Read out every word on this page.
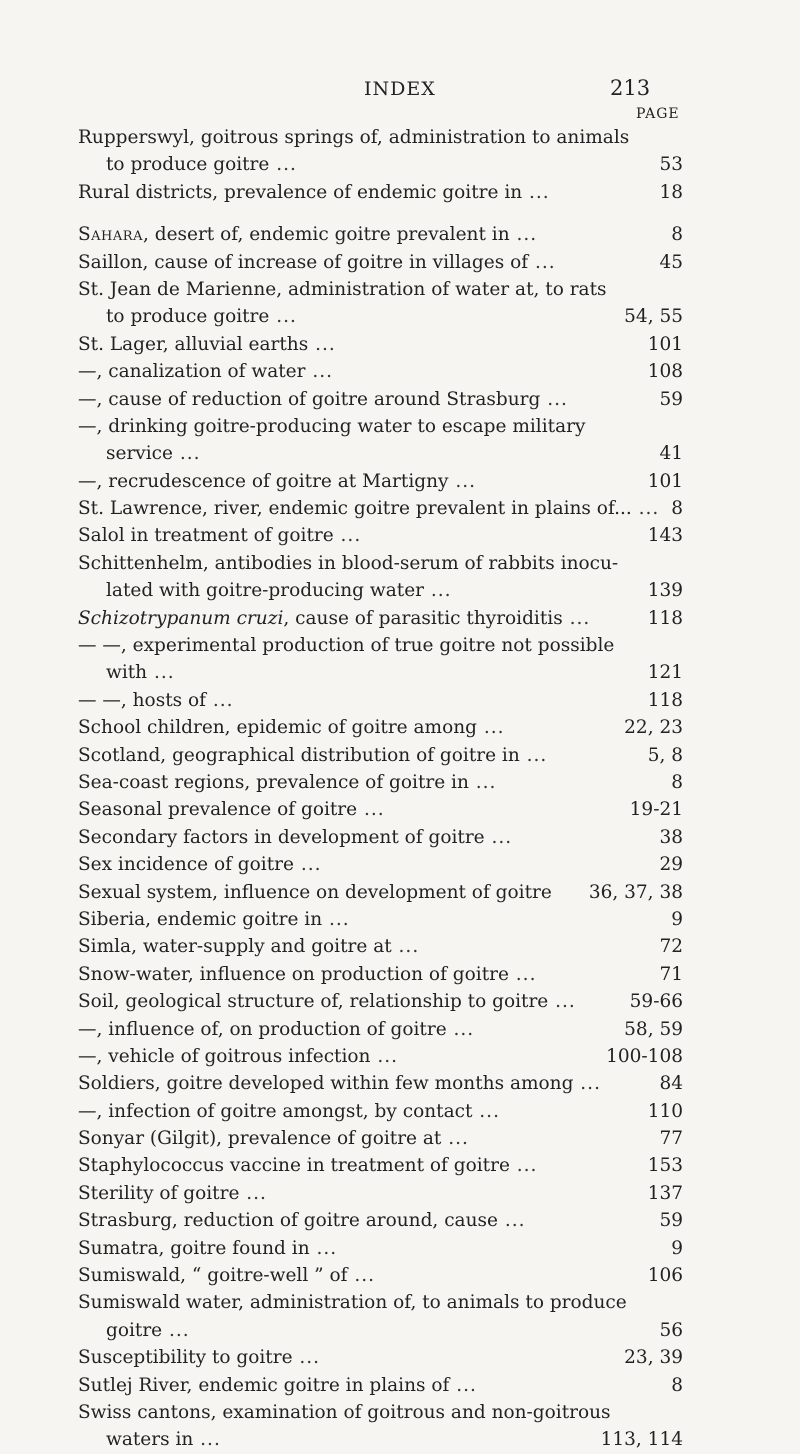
INDEX	213
PAGE
Rupperswyl, goitrous springs of, administration to animals
to produce goitre ...	53
Rural districts, prevalence of endemic goitre in ...	18
Sahara, desert of, endemic goitre prevalent in ...	8
Saillon, cause of increase of goitre in villages of ...	45
St. Jean de Marienne, administration of water at, to rats
to produce goitre ...	54, 55
St. Lager, alluvial earths ...	101
—, canalization of water ...	108
—, cause of reduction of goitre around Strasburg ...	59
—, drinking goitre-producing water to escape military
service ...	41
—, recrudescence of goitre at Martigny ...	101
St. Lawrence, river, endemic goitre prevalent in plains of... ... 8
Salol in treatment of goitre ...	143
Schittenhelm, antibodies in blood-serum of rabbits inocu-
lated with goitre-producing water ...	139
Schizotrypanum cruzi, cause of parasitic thyroiditis ...	118
— —, experimental production of true goitre not possible
with ...	121
— —, hosts of ...	118
School children, epidemic of goitre among ...	22, 23
Scotland, geographical distribution of goitre in ...	5, 8
Sea-coast regions, prevalence of goitre in ...	8
Seasonal prevalence of goitre ...	19-21
Secondary factors in development of goitre ...	38
Sex incidence of goitre ...	29
Sexual system, influence on development of goitre 36, 37, 38
Siberia, endemic goitre in ...	9
Simla, water-supply and goitre at ...	72
Snow-water, influence on production of goitre ...	71
Soil, geological structure of, relationship to goitre ...	59-66
—, influence of, on production of goitre ...	58, 59
—, vehicle of goitrous infection ...	100-108
Soldiers, goitre developed within few months among ...	84
—, infection of goitre amongst, by contact ...	110
Sonyar (Gilgit), prevalence of goitre at ...	77
Staphylococcus vaccine in treatment of goitre ...	153
Sterility of goitre ...	137
Strasburg, reduction of goitre around, cause ...	59
Sumatra, goitre found in ...	9
Sumiswald, “ goitre-well ” of ...	106
Sumiswald water, administration of, to animals to produce
goitre ...	56
Susceptibility to goitre ...	23, 39
Sutlej River, endemic goitre in plains of ...	8
Swiss cantons, examination of goitrous and non-goitrous
waters in ...	113, 114
